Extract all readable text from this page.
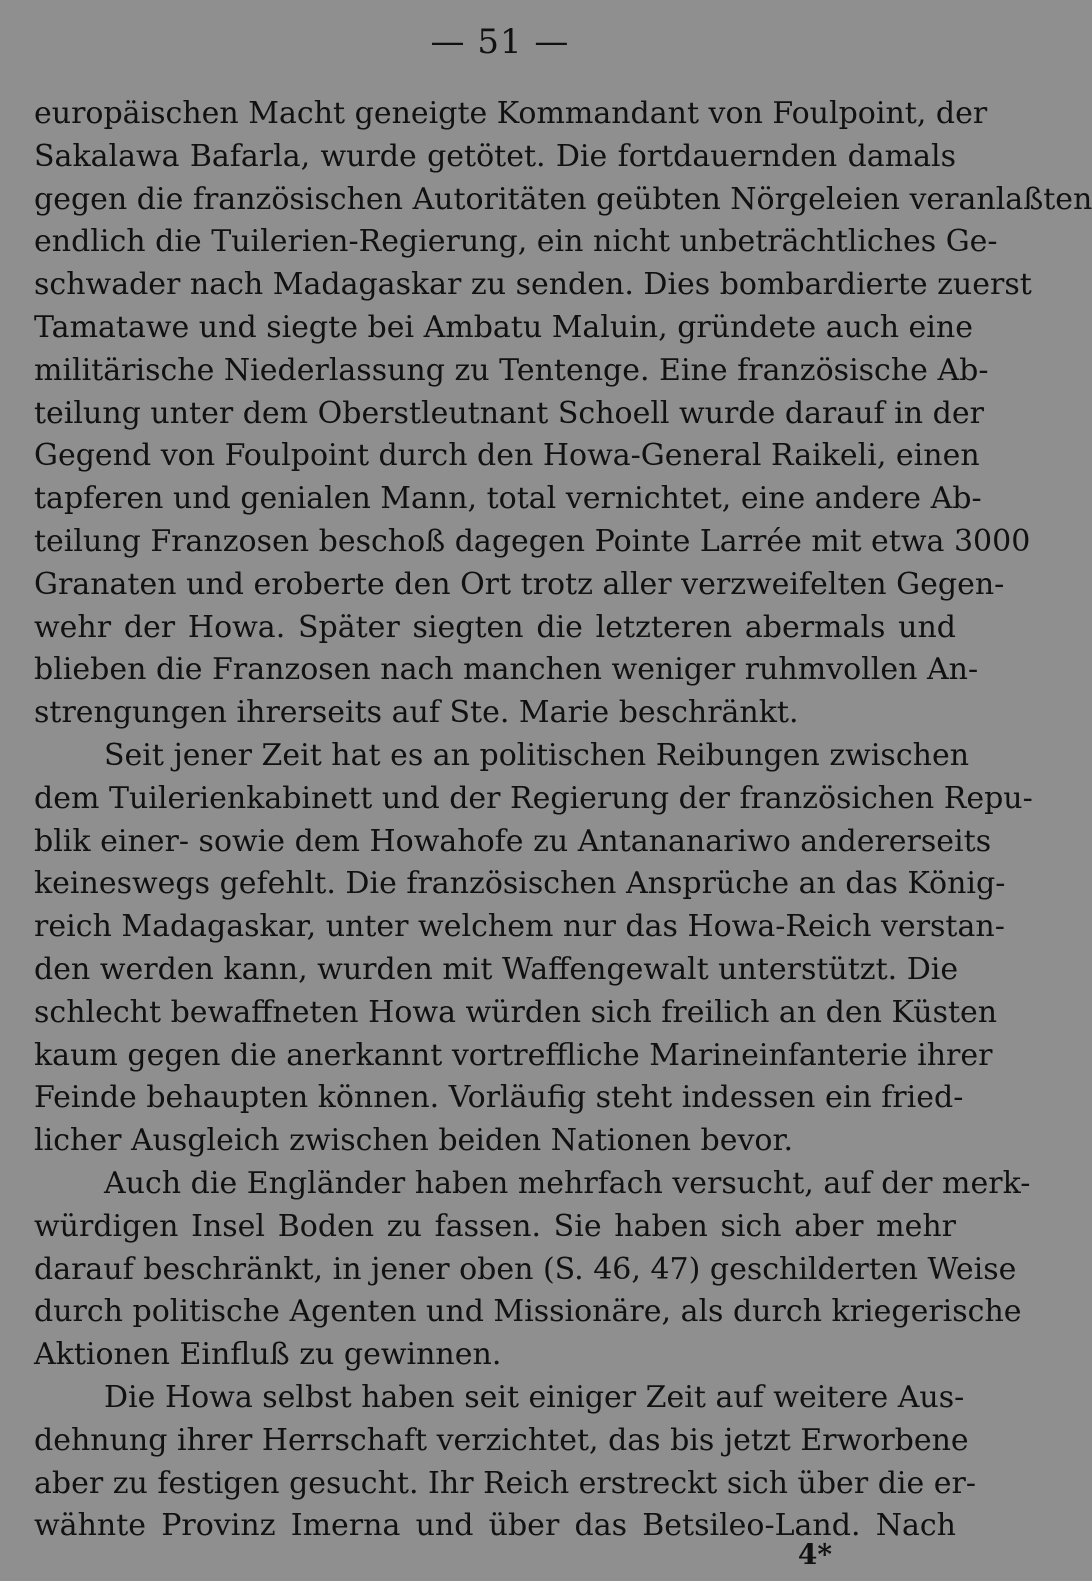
— 51 —
europäischen Macht geneigte Kommandant von Foulpoint, der
Sakalawa Bafarla, wurde getötet. Die fortdauernden damals
gegen die französischen Autoritäten geübten Nörgeleien veranlaßten
endlich die Tuilerien-Regierung, ein nicht unbeträchtliches Ge-
schwader nach Madagaskar zu senden. Dies bombardierte zuerst
Tamatawe und siegte bei Ambatu Maluin, gründete auch eine
militärische Niederlassung zu Tentenge. Eine französische Ab-
teilung unter dem Oberstleutnant Schoell wurde darauf in der
Gegend von Foulpoint durch den Howa-General Raikeli, einen
tapferen und genialen Mann, total vernichtet, eine andere Ab-
teilung Franzosen beschoß dagegen Pointe Larrée mit etwa 3000
Granaten und eroberte den Ort trotz aller verzweifelten Gegen-
wehr der Howa. Später siegten die letzteren abermals und
blieben die Franzosen nach manchen weniger ruhmvollen An-
strengungen ihrerseits auf Ste. Marie beschränkt.
Seit jener Zeit hat es an politischen Reibungen zwischen
dem Tuilerienkabinett und der Regierung der französichen Repu-
blik einer- sowie dem Howahofe zu Antananariwo andererseits
keineswegs gefehlt. Die französischen Ansprüche an das König-
reich Madagaskar, unter welchem nur das Howa-Reich verstan-
den werden kann, wurden mit Waffengewalt unterstützt. Die
schlecht bewaffneten Howa würden sich freilich an den Küsten
kaum gegen die anerkannt vortreffliche Marineinfanterie ihrer
Feinde behaupten können. Vorläufig steht indessen ein fried-
licher Ausgleich zwischen beiden Nationen bevor.
Auch die Engländer haben mehrfach versucht, auf der merk-
würdigen Insel Boden zu fassen. Sie haben sich aber mehr
darauf beschränkt, in jener oben (S. 46, 47) geschilderten Weise
durch politische Agenten und Missionäre, als durch kriegerische
Aktionen Einfluß zu gewinnen.
Die Howa selbst haben seit einiger Zeit auf weitere Aus-
dehnung ihrer Herrschaft verzichtet, das bis jetzt Erworbene
aber zu festigen gesucht. Ihr Reich erstreckt sich über die er-
wähnte Provinz Imerna und über das Betsileo-Land. Nach
4*
